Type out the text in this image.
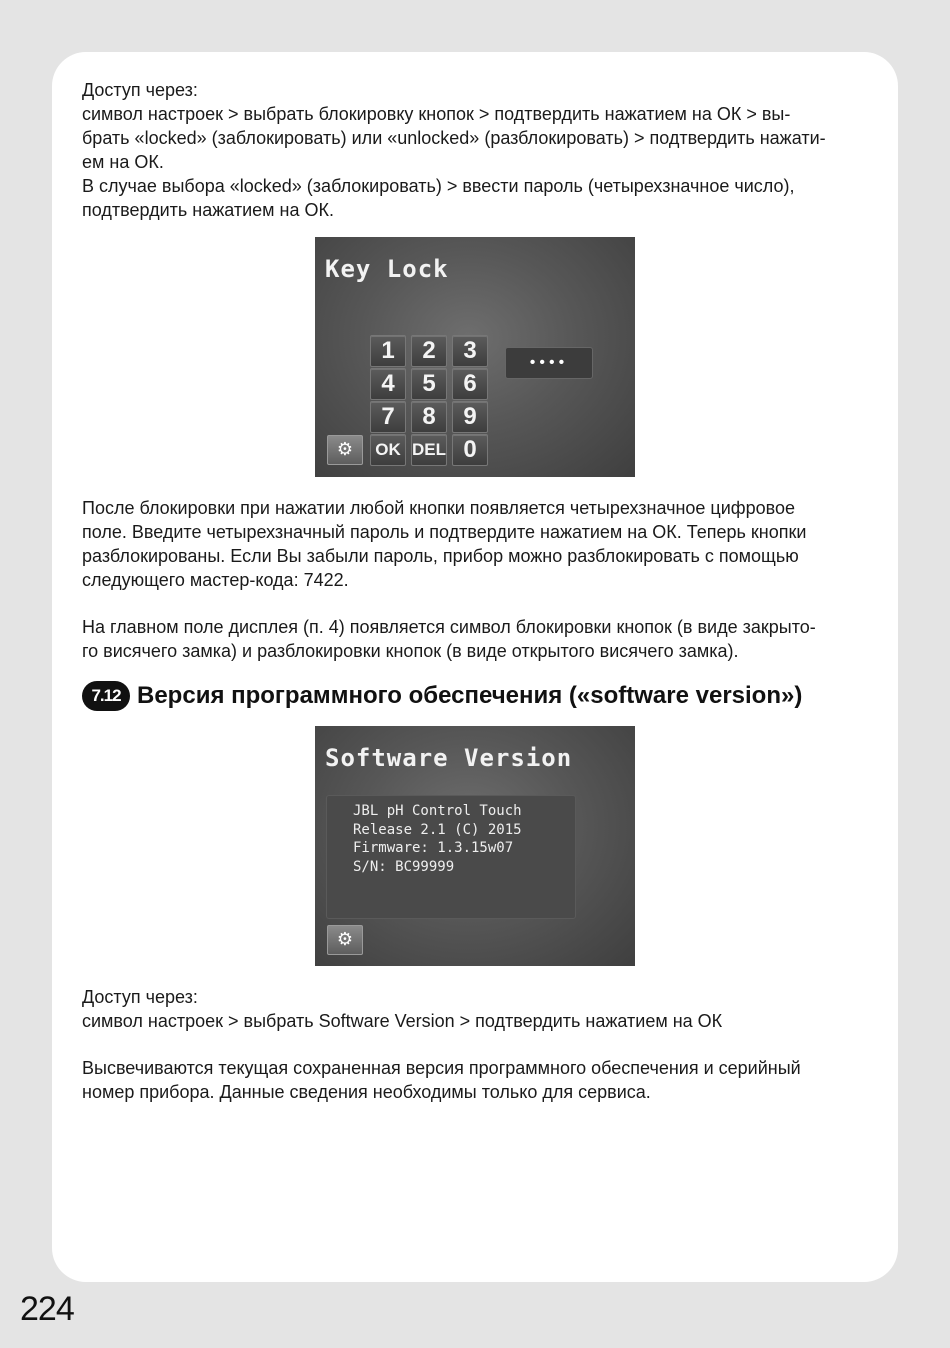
Доступ через:
символ настроек > выбрать блокировку кнопок > подтвердить нажатием на ОК > вы-
брать «locked» (заблокировать) или «unlocked» (разблокировать) > подтвердить нажати-
ем на ОК.
В случае выбора «locked» (заблокировать) > ввести пароль (четырехзначное число),
подтвердить нажатием на ОК.

Key Lock
1	2	3
4	5	6
7	8	9
⚙	OK DEL 0
••••

После блокировки при нажатии любой кнопки появляется четырехзначное цифровое
поле. Введите четырехзначный пароль и подтвердите нажатием на ОК. Теперь кнопки
разблокированы. Если Вы забыли пароль, прибор можно разблокировать с помощью
следующего мастер-кода: 7422.

На главном поле дисплея (п. 4) появляется символ блокировки кнопок (в виде закрыто-
го висячего замка) и разблокировки кнопок (в виде открытого висячего замка).

7.12 Версия программного обеспечения («software version»)
Software Version
JBL pH Control Touch
Release 2.1 (C) 2015
Firmware: 1.3.15w07
S/N: BC99999
⚙

Доступ через:
символ настроек > выбрать Software Version > подтвердить нажатием на ОК

Высвечиваются текущая сохраненная версия программного обеспечения и серийный
номер прибора. Данные сведения необходимы только для сервиса.

224
